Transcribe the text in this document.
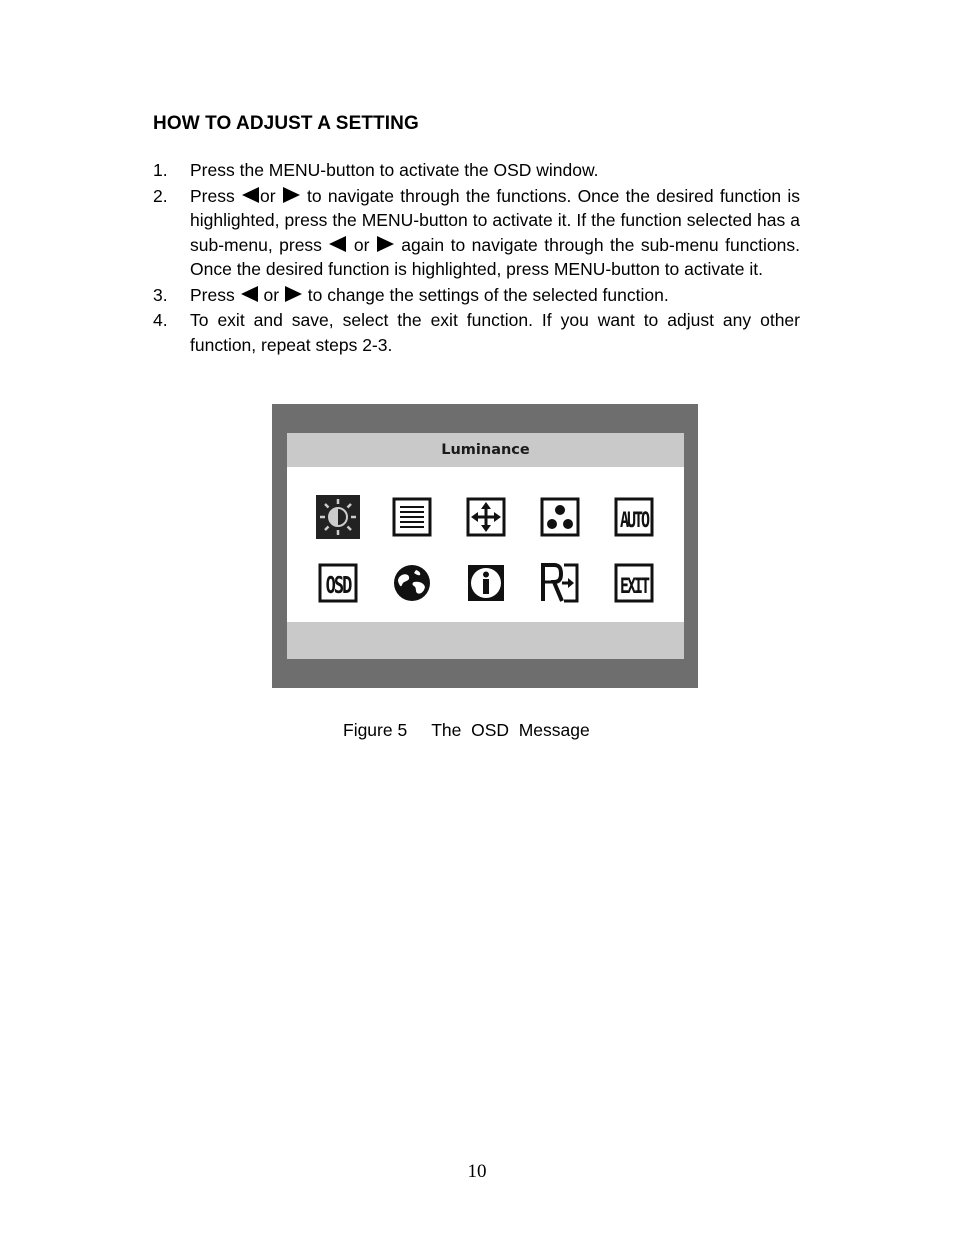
HOW TO ADJUST A SETTING
1.	Press the MENU-button to activate the OSD window.
2.	Press
or
to navigate through the functions. Once the desired function is highlighted, press the MENU-button to activate it. If the function selected has a sub-menu, press
or
again to navigate through the sub-menu functions. Once the desired function is highlighted, press MENU-button to activate it.
3.	Press
or
to change the settings of the selected function.
4.	To exit and save, select the exit function. If you want to adjust any other function, repeat steps 2-3.
Luminance
AUTO
OSD	EXIT
Figure 5 The  OSD  Message
10
